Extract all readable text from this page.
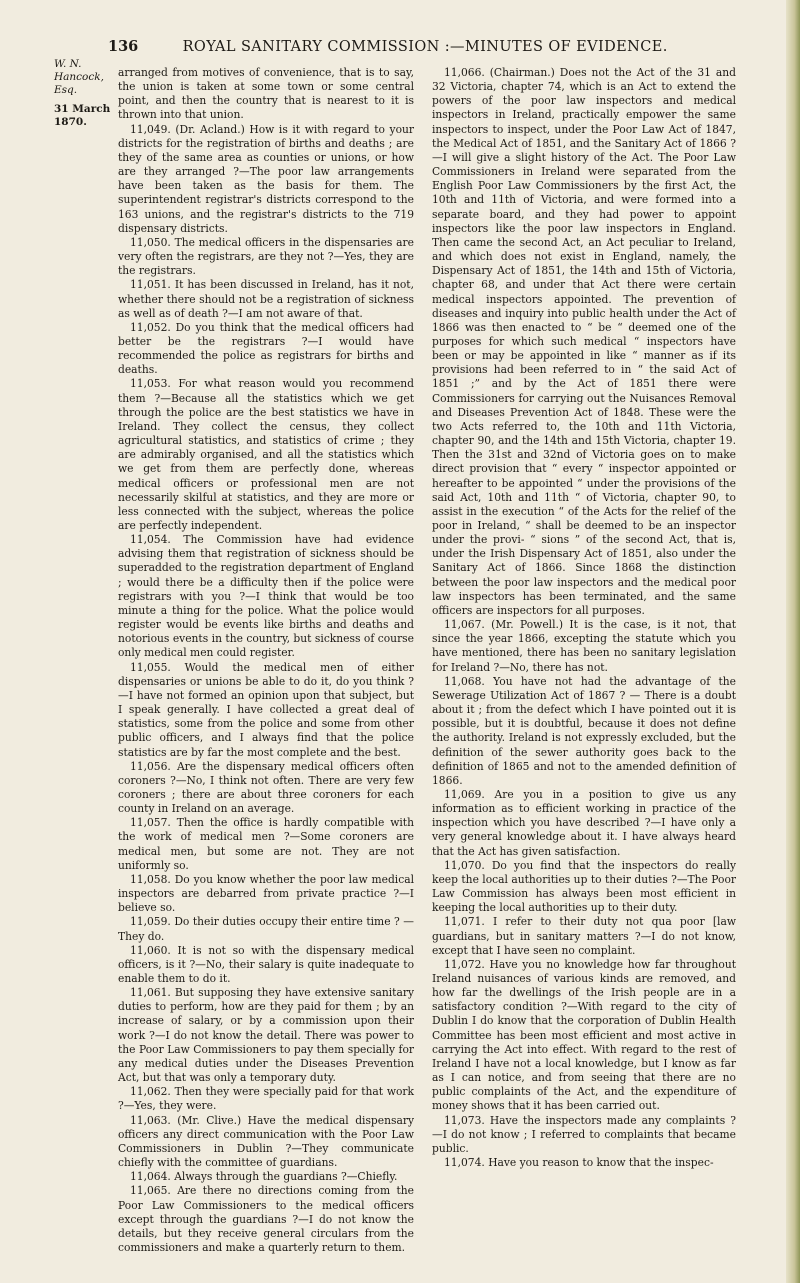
136	ROYAL SANITARY COMMISSION :—MINUTES OF EVIDENCE.
W. N. Hancock, Esq.
31 March 1870.

arranged from motives of convenience, that is to say, the union is taken at some town or some central point, and then the country that is nearest to it is thrown into that union.

11,049. (Dr. Acland.) How is it with regard to your districts for the registration of births and deaths ; are they of the same area as counties or unions, or how are they arranged ?—The poor law arrangements have been taken as the basis for them. The superintendent registrar's districts correspond to the 163 unions, and the registrar's districts to the 719 dispensary districts.

11,050. The medical officers in the dispensaries are very often the registrars, are they not ?—Yes, they are the registrars.

11,051. It has been discussed in Ireland, has it not, whether there should not be a registration of sickness as well as of death ?—I am not aware of that.

11,052. Do you think that the medical officers had better be the registrars ?—I would have recommended the police as registrars for births and deaths.

11,053. For what reason would you recommend them ?—Because all the statistics which we get through the police are the best statistics we have in Ireland. They collect the census, they collect agricultural statistics, and statistics of crime ; they are admirably organised, and all the statistics which we get from them are perfectly done, whereas medical officers or professional men are not necessarily skilful at statistics, and they are more or less connected with the subject, whereas the police are perfectly independent.

11,054. The Commission have had evidence advising them that registration of sickness should be superadded to the registration department of England ; would there be a difficulty then if the police were registrars with you ?—I think that would be too minute a thing for the police. What the police would register would be events like births and deaths and notorious events in the country, but sickness of course only medical men could register.

11,055. Would the medical men of either dispensaries or unions be able to do it, do you think ?—I have not formed an opinion upon that subject, but I speak generally. I have collected a great deal of statistics, some from the police and some from other public officers, and I always find that the police statistics are by far the most complete and the best.

11,056. Are the dispensary medical officers often coroners ?—No, I think not often. There are very few coroners ; there are about three coroners for each county in Ireland on an average.

11,057. Then the office is hardly compatible with the work of medical men ?—Some coroners are medical men, but some are not. They are not uniformly so.

11,058. Do you know whether the poor law medical inspectors are debarred from private practice ?—I believe so.

11,059. Do their duties occupy their entire time ? —They do.

11,060. It is not so with the dispensary medical officers, is it ?—No, their salary is quite inadequate to enable them to do it.

11,061. But supposing they have extensive sanitary duties to perform, how are they paid for them ; by an increase of salary, or by a commission upon their work ?—I do not know the detail. There was power to the Poor Law Commissioners to pay them specially for any medical duties under the Diseases Prevention Act, but that was only a temporary duty.

11,062. Then they were specially paid for that work ?—Yes, they were.

11,063. (Mr. Clive.) Have the medical dispensary officers any direct communication with the Poor Law Commissioners in Dublin ?—They communicate chiefly with the committee of guardians.

11,064. Always through the guardians ?—Chiefly.

11,065. Are there no directions coming from the Poor Law Commissioners to the medical officers except through the guardians ?—I do not know the details, but they receive general circulars from the commissioners and make a quarterly return to them.

11,066. (Chairman.) Does not the Act of the 31 and 32 Victoria, chapter 74, which is an Act to extend the powers of the poor law inspectors and medical inspectors in Ireland, practically empower the same inspectors to inspect, under the Poor Law Act of 1847, the Medical Act of 1851, and the Sanitary Act of 1866 ?—I will give a slight history of the Act. The Poor Law Commissioners in Ireland were separated from the English Poor Law Commissioners by the first Act, the 10th and 11th of Victoria, and were formed into a separate board, and they had power to appoint inspectors like the poor law inspectors in England. Then came the second Act, an Act peculiar to Ireland, and which does not exist in England, namely, the Dispensary Act of 1851, the 14th and 15th of Victoria, chapter 68, and under that Act there were certain medical inspectors appointed. The prevention of diseases and inquiry into public health under the Act of 1866 was then enacted to “ be “ deemed one of the purposes for which such medical “ inspectors have been or may be appointed in like “ manner as if its provisions had been referred to in “ the said Act of 1851 ;” and by the Act of 1851 there were Commissioners for carrying out the Nuisances Removal and Diseases Prevention Act of 1848. These were the two Acts referred to, the 10th and 11th Victoria, chapter 90, and the 14th and 15th Victoria, chapter 19. Then the 31st and 32nd of Victoria goes on to make direct provision that “ every “ inspector appointed or hereafter to be appointed “ under the provisions of the said Act, 10th and 11th “ of Victoria, chapter 90, to assist in the execution “ of the Acts for the relief of the poor in Ireland, “ shall be deemed to be an inspector under the provi- “ sions ” of the second Act, that is, under the Irish Dispensary Act of 1851, also under the Sanitary Act of 1866. Since 1868 the distinction between the poor law inspectors and the medical poor law inspectors has been terminated, and the same officers are inspectors for all purposes.

11,067. (Mr. Powell.) It is the case, is it not, that since the year 1866, excepting the statute which you have mentioned, there has been no sanitary legislation for Ireland ?—No, there has not.

11,068. You have not had the advantage of the Sewerage Utilization Act of 1867 ? — There is a doubt about it ; from the defect which I have pointed out it is possible, but it is doubtful, because it does not define the authority. Ireland is not expressly excluded, but the definition of the sewer authority goes back to the definition of 1865 and not to the amended definition of 1866.

11,069. Are you in a position to give us any information as to efficient working in practice of the inspection which you have described ?—I have only a very general knowledge about it. I have always heard that the Act has given satisfaction.

11,070. Do you find that the inspectors do really keep the local authorities up to their duties ?—The Poor Law Commission has always been most efficient in keeping the local authorities up to their duty.

11,071. I refer to their duty not qua poor [law guardians, but in sanitary matters ?—I do not know, except that I have seen no complaint.

11,072. Have you no knowledge how far throughout Ireland nuisances of various kinds are removed, and how far the dwellings of the Irish people are in a satisfactory condition ?—With regard to the city of Dublin I do know that the corporation of Dublin Health Committee has been most efficient and most active in carrying the Act into effect. With regard to the rest of Ireland I have not a local knowledge, but I know as far as I can notice, and from seeing that there are no public complaints of the Act, and the expenditure of money shows that it has been carried out.

11,073. Have the inspectors made any complaints ? —I do not know ; I referred to complaints that became public.

11,074. Have you reason to know that the inspec-
